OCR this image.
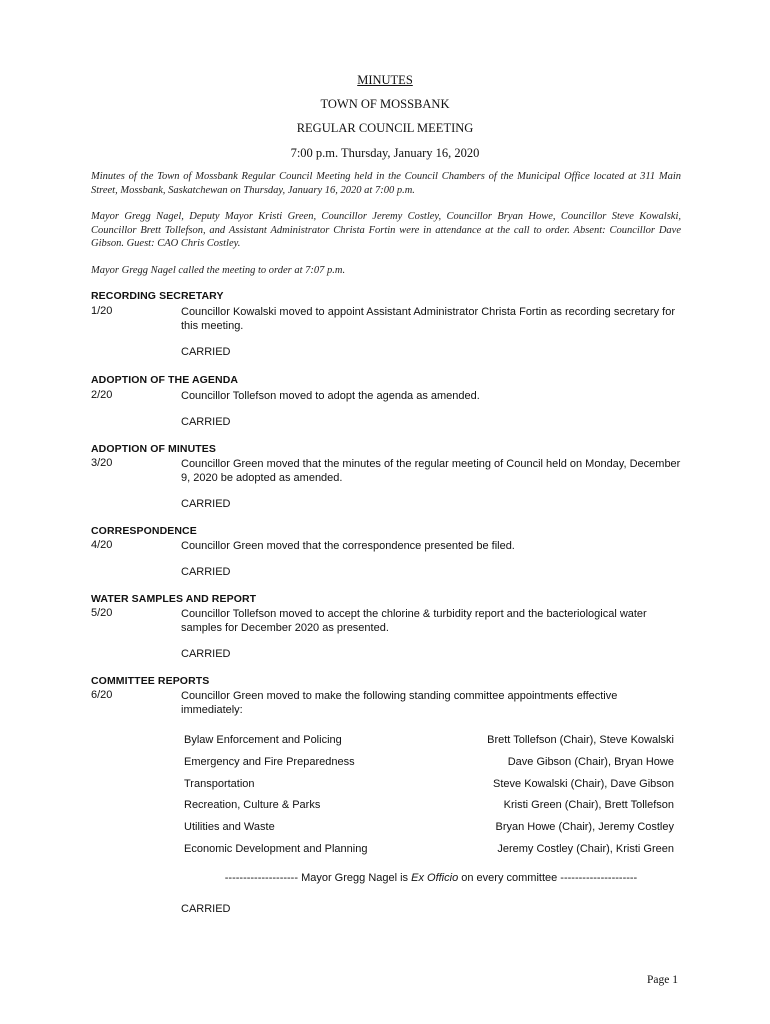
MINUTES
TOWN OF MOSSBANK
REGULAR COUNCIL MEETING
7:00 p.m. Thursday, January 16, 2020
Minutes of the Town of Mossbank Regular Council Meeting held in the Council Chambers of the Municipal Office located at 311 Main Street, Mossbank, Saskatchewan on Thursday, January 16, 2020 at 7:00 p.m.
Mayor Gregg Nagel, Deputy Mayor Kristi Green, Councillor Jeremy Costley, Councillor Bryan Howe, Councillor Steve Kowalski, Councillor Brett Tollefson, and Assistant Administrator Christa Fortin were in attendance at the call to order. Absent: Councillor Dave Gibson. Guest: CAO Chris Costley.
Mayor Gregg Nagel called the meeting to order at 7:07 p.m.
RECORDING SECRETARY
1/20	Councillor Kowalski moved to appoint Assistant Administrator Christa Fortin as recording secretary for this meeting.
CARRIED
ADOPTION OF THE AGENDA
2/20	Councillor Tollefson moved to adopt the agenda as amended.
CARRIED
ADOPTION OF MINUTES
3/20	Councillor Green moved that the minutes of the regular meeting of Council held on Monday, December 9, 2020 be adopted as amended.
CARRIED
CORRESPONDENCE
4/20	Councillor Green moved that the correspondence presented be filed.
CARRIED
WATER SAMPLES AND REPORT
5/20	Councillor Tollefson moved to accept the chlorine & turbidity report and the bacteriological water samples for December 2020 as presented.
CARRIED
COMMITTEE REPORTS
6/20	Councillor Green moved to make the following standing committee appointments effective immediately:
Bylaw Enforcement and Policing	Brett Tollefson (Chair), Steve Kowalski
Emergency and Fire Preparedness	Dave Gibson (Chair), Bryan Howe
Transportation	Steve Kowalski (Chair), Dave Gibson
Recreation, Culture & Parks	Kristi Green (Chair), Brett Tollefson
Utilities and Waste	Bryan Howe (Chair), Jeremy Costley
Economic Development and Planning	Jeremy Costley (Chair), Kristi Green
-------------------- Mayor Gregg Nagel is Ex Officio on every committee ---------------------
CARRIED
Page 1
